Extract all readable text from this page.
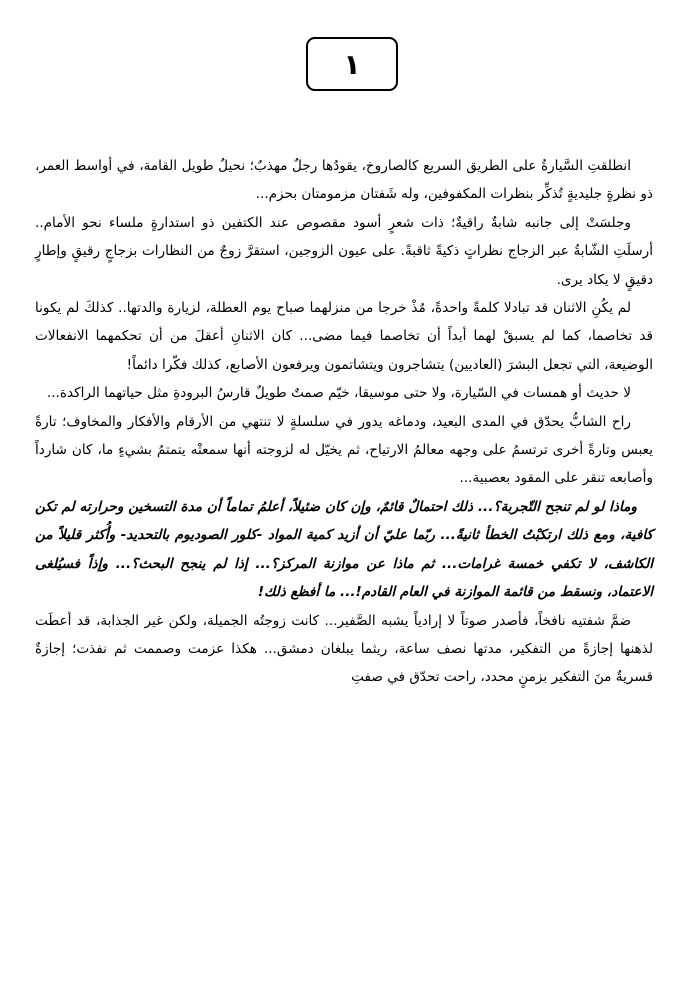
١

انطلقتِ السَّيارةُ على الطريق السريع كالصاروخ، يقودُها رجلٌ مهذبٌ؛ نحيلٌ طويل القامة، في أواسط العمر، ذو نظرةٍ جليديةٍ تُذكِّر بنظرات المكفوفين، وله شَفتان مزمومتان بحزم...

وجلسَتْ إلى جانبه شابةٌ راقيةٌ؛ ذات شعرٍ أسود مقصوص عند الكتفين ذو استدارةٍ ملساء نحو الأمام.. أرسلَتِ الشّابةُ عبر الزجاج نظراتٍ ذكيةً ثاقبةً. على عيون الزوجين، استقرَّ زوجٌ من النظارات بزجاجٍ رقيقٍ وإطارٍ دقيقٍ لا يكاد يرى.

لم يكُنِ الاثنان قد تبادلا كلمةً واحدةً، مُذْ خرجا من منزلهما صباح يوم العطلة، لزيارة والدتها.. كذلكَ لم يكونا قد تخاصما، كما لم يسبقْ لهما أبداً أن تخاصما فيما مضى... كان الاثنانِ أعقلَ من أن تحكمهما الانفعالات الوضيعة، التي تجعل البشرَ (العاديين) يتشاجرون ويتشاتمون ويرفعون الأصابع، كذلك فكّرا دائماً!

لا حديث أو همسات في السّيارة، ولا حتى موسيقا، خيّم صمتٌ طويلٌ قارسُ البرودةِ مثل حياتهما الراكدة...

راح الشابُّ يحدّق في المدى البعيد، ودماغه يدور في سلسلةٍ لا تنتهي من الأرقام والأفكار والمخاوف؛ تارةً يعبس وتارةً أخرى ترتسمُ على وجهه معالمُ الارتياح، ثم يخيّل له لزوجته أنها سمعتْه يتمتمُ بشيءٍ ما، كان شارداً وأصابعه تنقر على المقود بعصبية...

وماذا لو لم تنجح التّجربة؟... ذلك احتمالٌ قائمٌ، وإن كان ضئيلاً، أعلمُ تماماً أن مدة التسخين وحرارته لم تكن كافية، ومع ذلك ارتكبْتُ الخطأ ثانيةً... ربّما عليّ أن أزيد كمية المواد -كلور الصوديوم بالتحديد- وأُكثر قليلاً من الكاشف، لا تكفي خمسة غرامات... ثم ماذا عن موازنة المركز؟... إذا لم ينجح البحث؟... وإذاً فسيُلغى الاعتماد، ونسقط من قائمة الموازنة في العام القادم!... ما أفظع ذلك!

ضمَّ شفتيه نافخاً، فأصدر صوتاً لا إرادياً يشبه الصَّفير... كانت زوجتُه الجميلة، ولكن غير الجذابة، قد أعطَت لذهنها إجازةً من التفكير، مدتها نصف ساعة، ريثما يبلغان دمشق... هكذا عزمت وصممت ثم نفذت؛ إجازةٌ قسريةٌ منَ التفكير بزمنٍ محدد، راحت تحدّق في صفتِ
